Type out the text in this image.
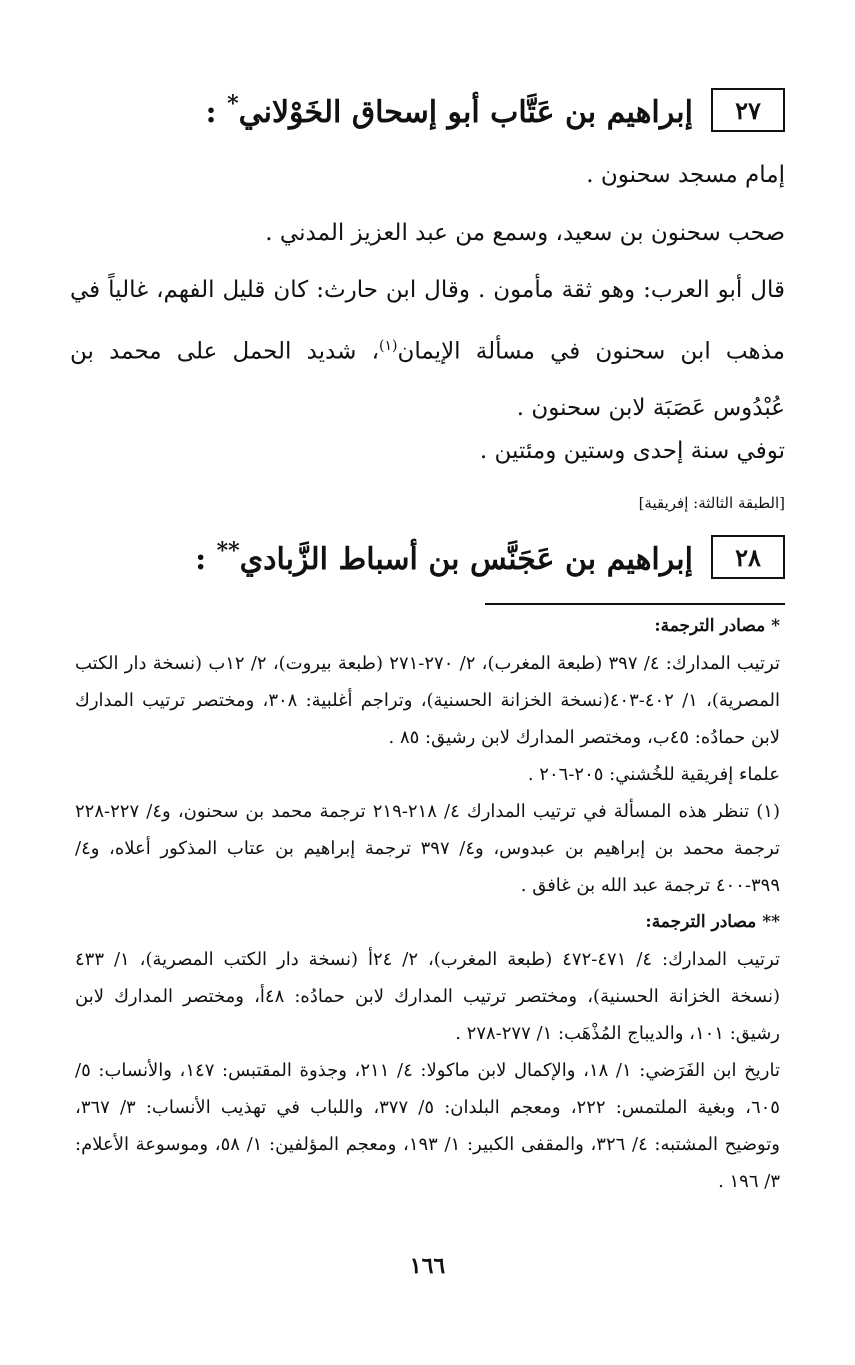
٢٧
إبراهيم بن عَتَّاب أبو إسحاق الخَوْلاني* :
إمام مسجد سحنون .
صحب سحنون بن سعيد، وسمع من عبد العزيز المدني .
قال أبو العرب: وهو ثقة مأمون . وقال ابن حارث: كان قليل الفهم، غالياً في مذهب ابن سحنون في مسألة الإيمان$^{(١)}$، شديد الحمل على محمد بن عُبْدُوس عَصَبَة لابن سحنون .
توفي سنة إحدى وستين ومئتين .
[الطبقة الثالثة: إفريقية]
٢٨
إبراهيم بن عَجَنَّس بن أسباط الزَّبادي** :
* مصادر الترجمة:
ترتيب المدارك: ٤/ ٣٩٧ (طبعة المغرب)، ٢/ ٢٧٠-٢٧١ (طبعة بيروت)، ٢/ ١٢ب (نسخة دار الكتب المصرية)، ١/ ٤٠٢-٤٠٣(نسخة الخزانة الحسنية)، وتراجم أغلبية: ٣٠٨، ومختصر ترتيب المدارك لابن حمادُه: ٤٥ب، ومختصر المدارك لابن رشيق: ٨٥ .
علماء إفريقية للخُشني: ٢٠٥-٢٠٦ .
(١) تنظر هذه المسألة في ترتيب المدارك ٤/ ٢١٨-٢١٩ ترجمة محمد بن سحنون، و٤/ ٢٢٧-٢٢٨ ترجمة محمد بن إبراهيم بن عبدوس، و٤/ ٣٩٧ ترجمة إبراهيم بن عتاب المذكور أعلاه، و٤/ ٣٩٩-٤٠٠ ترجمة عبد الله بن غافق .
** مصادر الترجمة:
ترتيب المدارك: ٤/ ٤٧١-٤٧٢ (طبعة المغرب)، ٢/ ٢٤أ (نسخة دار الكتب المصرية)، ١/ ٤٣٣ (نسخة الخزانة الحسنية)، ومختصر ترتيب المدارك لابن حمادُه: ٤٨أ، ومختصر المدارك لابن رشيق: ١٠١، والديباج المُذْهَب: ١/ ٢٧٧-٢٧٨ .
تاريخ ابن الفَرَضي: ١/ ١٨، والإكمال لابن ماكولا: ٤/ ٢١١، وجذوة المقتبس: ١٤٧، والأنساب: ٥/ ٦٠٥، وبغية الملتمس: ٢٢٢، ومعجم البلدان: ٥/ ٣٧٧، واللباب في تهذيب الأنساب: ٣/ ٣٦٧، وتوضيح المشتبه: ٤/ ٣٢٦، والمقفى الكبير: ١/ ١٩٣، ومعجم المؤلفين: ١/ ٥٨، وموسوعة الأعلام: ٣/ ١٩٦ .
١٦٦
